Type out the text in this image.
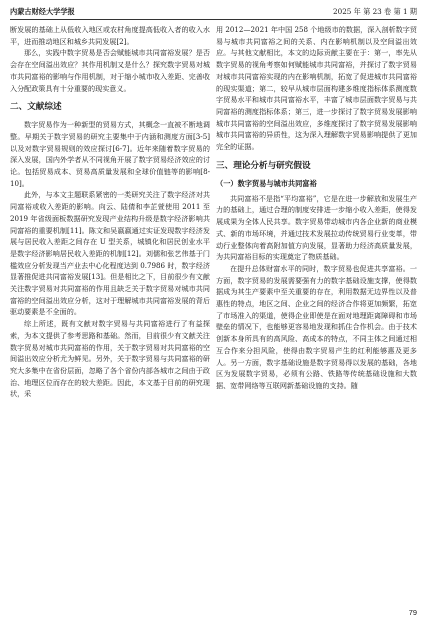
内蒙古财经大学学报	2025 年 第 23 卷 第 1 期

断发展的基础上从低收入地区或农村角度提高低收入者的收入水平，进而推动地区和城乡共同发展[2]。

那么，实践中数字贸易是否会赋能城市共同富裕发展？是否会存在空间溢出效应？其作用机制又是什么？探究数字贸易对城市共同富裕的影响与作用机制，对于缩小城市收入差距、完善收入分配政策具有十分重要的现实意义。

二、文献综述

数字贸易作为一种新型的贸易方式，其概念一直被不断地调整。早期关于数字贸易的研究主要集中于内涵和测度方面[3-5]以及对数字贸易规则的效应探讨[6-7]。近年来随着数字贸易的深入发展，国内外学者从不同视角开展了数字贸易经济效应的讨论。包括贸易成本、贸易高质量发展和全球价值链等的影响[8-10]。

此外，与本文主题联系紧密的一类研究关注了数字经济对共同富裕或收入差距的影响。向云、陆倩和李芷萱使用 2011 至 2019 年省级面板数据研究发现产业结构升级是数字经济影响共同富裕的重要机制[11]。陈文和吴嬴嬴通过实证发现数字经济发展与居民收入差距之间存在 U 型关系，城镇化和居民创业水平是数字经济影响居民收入差距的机制[12]。刘儒和张艺伟基于门槛效应分析发现当产业去中心化程度达到 0.7986 时，数字经济显著推促进共同富裕发展[13]。但是相比之下，目前很少有文献关注数字贸易对共同富裕的作用且缺乏关于数字贸易对城市共同富裕的空间溢出效应分析，这对于理解城市共同富裕发展的背后驱动要素是不全面的。

综上所述，既有文献对数字贸易与共同富裕进行了有益探索，为本文提供了参考思路和基础。然而，目前很少有文献关注数字贸易对城市共同富裕的作用，关于数字贸易对共同富裕的空间溢出效应分析尤为鲜见。另外，关于数字贸易与共同富裕的研究大多集中在省份层面，忽略了各个省份内部各城市之间由于政治、地理区位而存在的较大差距。因此，本文基于目前的研究现状，采

用 2012—2021 年中国 258 个地级市的数据，深入剖析数字贸易与城市共同富裕之间的关系、内在影响机制以及空间溢出效应。与其他文献相比，本文的边际贡献主要在于：第一，率先从数字贸易的视角考察如何赋能城市共同富裕，并探讨了数字贸易对城市共同富裕实现的内在影响机制，拓宽了促进城市共同富裕的现实渠道；第二，较早从城市层面构建多维度指标体系测度数字贸易水平和城市共同富裕水平，丰富了城市层面数字贸易与共同富裕的测度指标体系；第三，进一步探讨了数字贸易发展影响城市共同富裕的空间溢出效应，多维度探讨了数字贸易发展影响城市共同富裕的异质性，这为深入理解数字贸易影响提供了更加完全的证据。

三、理论分析与研究假设
（一）数字贸易与城市共同富裕

共同富裕不是指“平均富裕”，它是在进一步解放和发展生产力的基础上，通过合理的制度安排进一步缩小收入差距，使得发展成果为全体人民共享。数字贸易带动城市内各企业新的商业模式、新的市场环境，并通过技术发展拉动传统贸易行业变革，带动行业整体向着高附加值方向发展，显著助力经济高质量发展，为共同富裕目标的实现奠定了物质基础。

在提升总体财富水平的同时，数字贸易也促进共享富裕。一方面，数字贸易的发展需要强有力的数字基础设施支撑，使得数据成为其生产要素中至关重要的存在，利用数据无边界性以及普惠性的特点，地区之间、企业之间的经济合作将更加频繁，拓宽了市场准入的渠道，使得企业即使是在面对地理距离障碍和市场壁垒的情况下，也能够更容易地发现和抓住合作机会。由于技术创新本身所具有的高风险、高成本的特点，不同主体之间通过相互合作来分担风险，使得由数字贸易产生的红利能够惠及更多人。另一方面，数字基础设施是数字贸易得以发展的基础，各地区为发展数字贸易，必须有公路、铁路等传统基础设施和大数据、宽带网络等互联网新基础设施的支持。随

79
